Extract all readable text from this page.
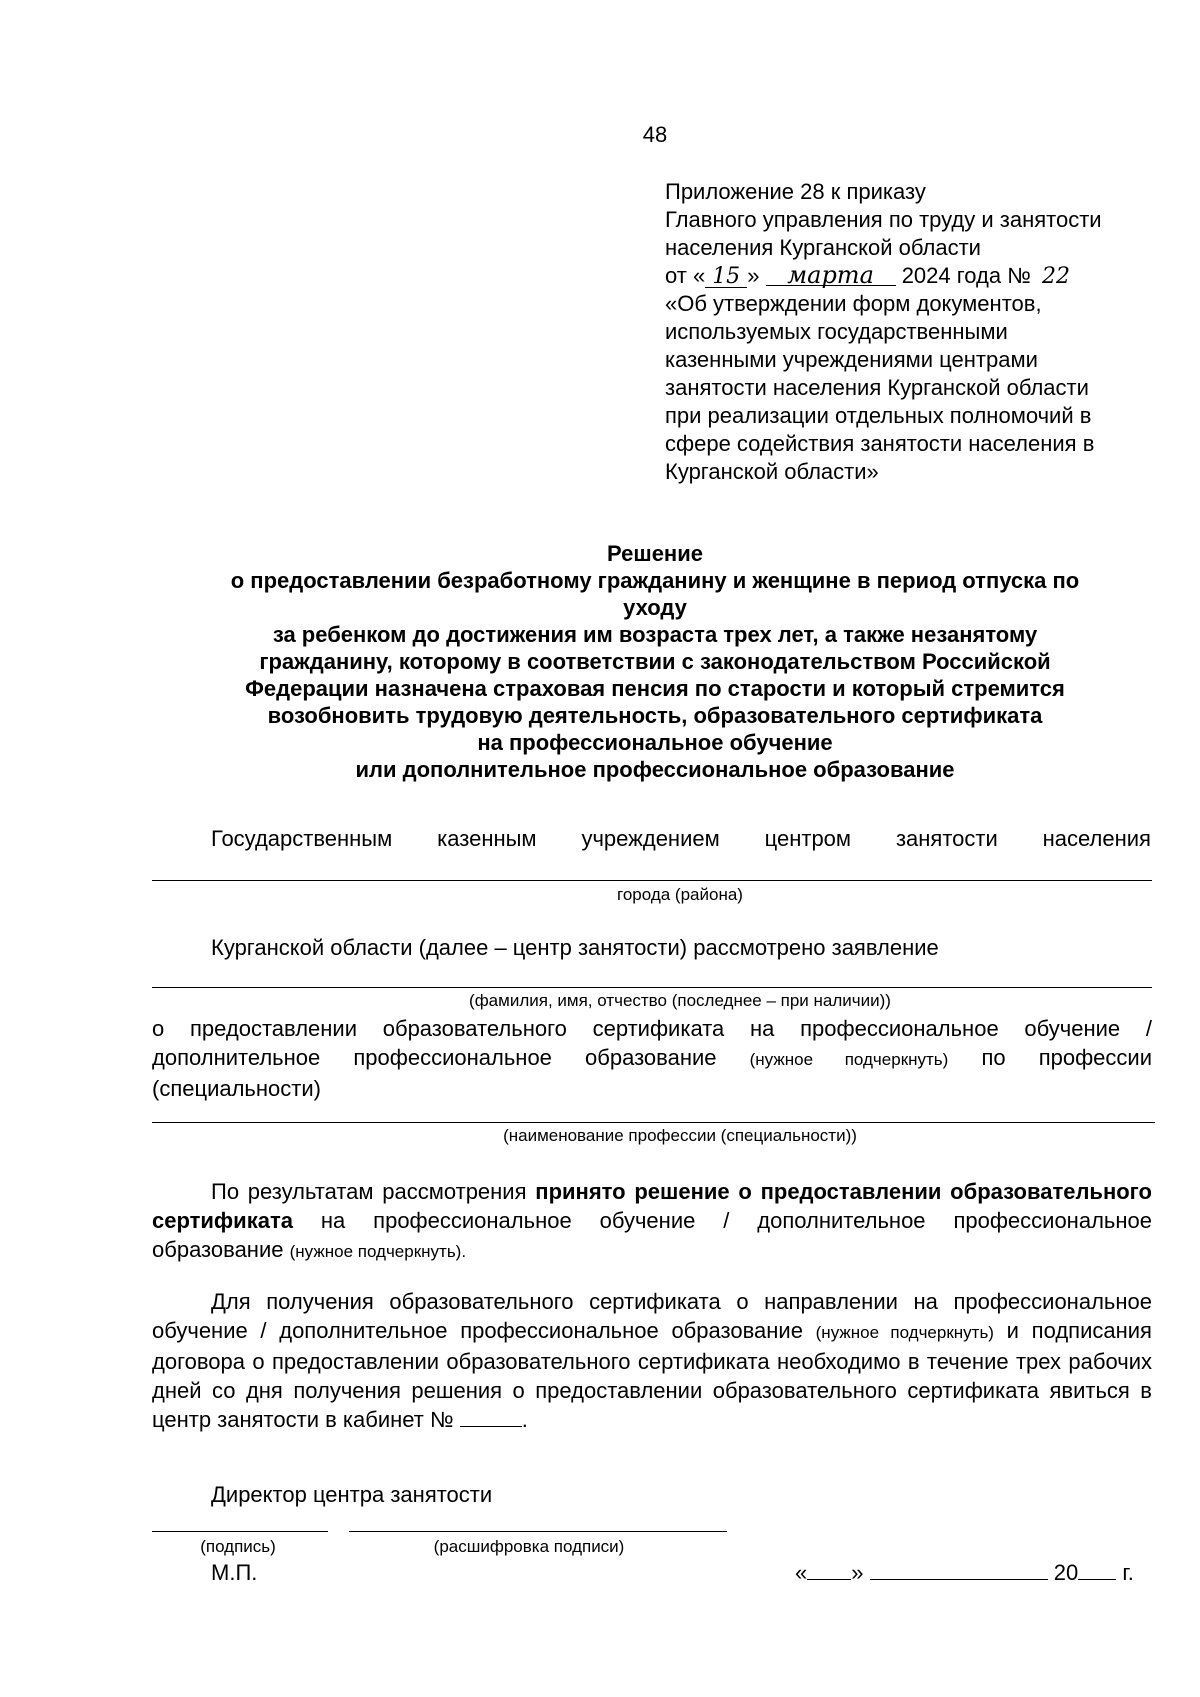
48
Приложение 28 к приказу
Главного управления по труду и занятости
населения Курганской области
от « 15 » марта 2024 года № 22
«Об утверждении форм документов,
используемых государственными
казенными учреждениями центрами
занятости населения Курганской области
при реализации отдельных полномочий в
сфере содействия занятости населения в
Курганской области»
Решение
о предоставлении безработному гражданину и женщине в период отпуска по
уходу
за ребенком до достижения им возраста трех лет, а также незанятому
гражданину, которому в соответствии с законодательством Российской
Федерации назначена страховая пенсия по старости и который стремится
возобновить трудовую деятельность, образовательного сертификата
на профессиональное обучение
или дополнительное профессиональное образование
Государственным казенным учреждением центром занятости населения
города (района)
Курганской области (далее – центр занятости) рассмотрено заявление
(фамилия, имя, отчество (последнее – при наличии))
о предоставлении образовательного сертификата на профессиональное обучение / дополнительное профессиональное образование (нужное подчеркнуть) по профессии (специальности)
(наименование профессии (специальности))
По результатам рассмотрения принято решение о предоставлении образовательного сертификата на профессиональное обучение / дополнительное профессиональное образование (нужное подчеркнуть).
Для получения образовательного сертификата о направлении на профессиональное обучение / дополнительное профессиональное образование (нужное подчеркнуть) и подписания договора о предоставлении образовательного сертификата необходимо в течение трех рабочих дней со дня получения решения о предоставлении образовательного сертификата явиться в центр занятости в кабинет №	.
Директор центра занятости
(подпись)	(расшифровка подписи)
М.П.	« »	20 г.
